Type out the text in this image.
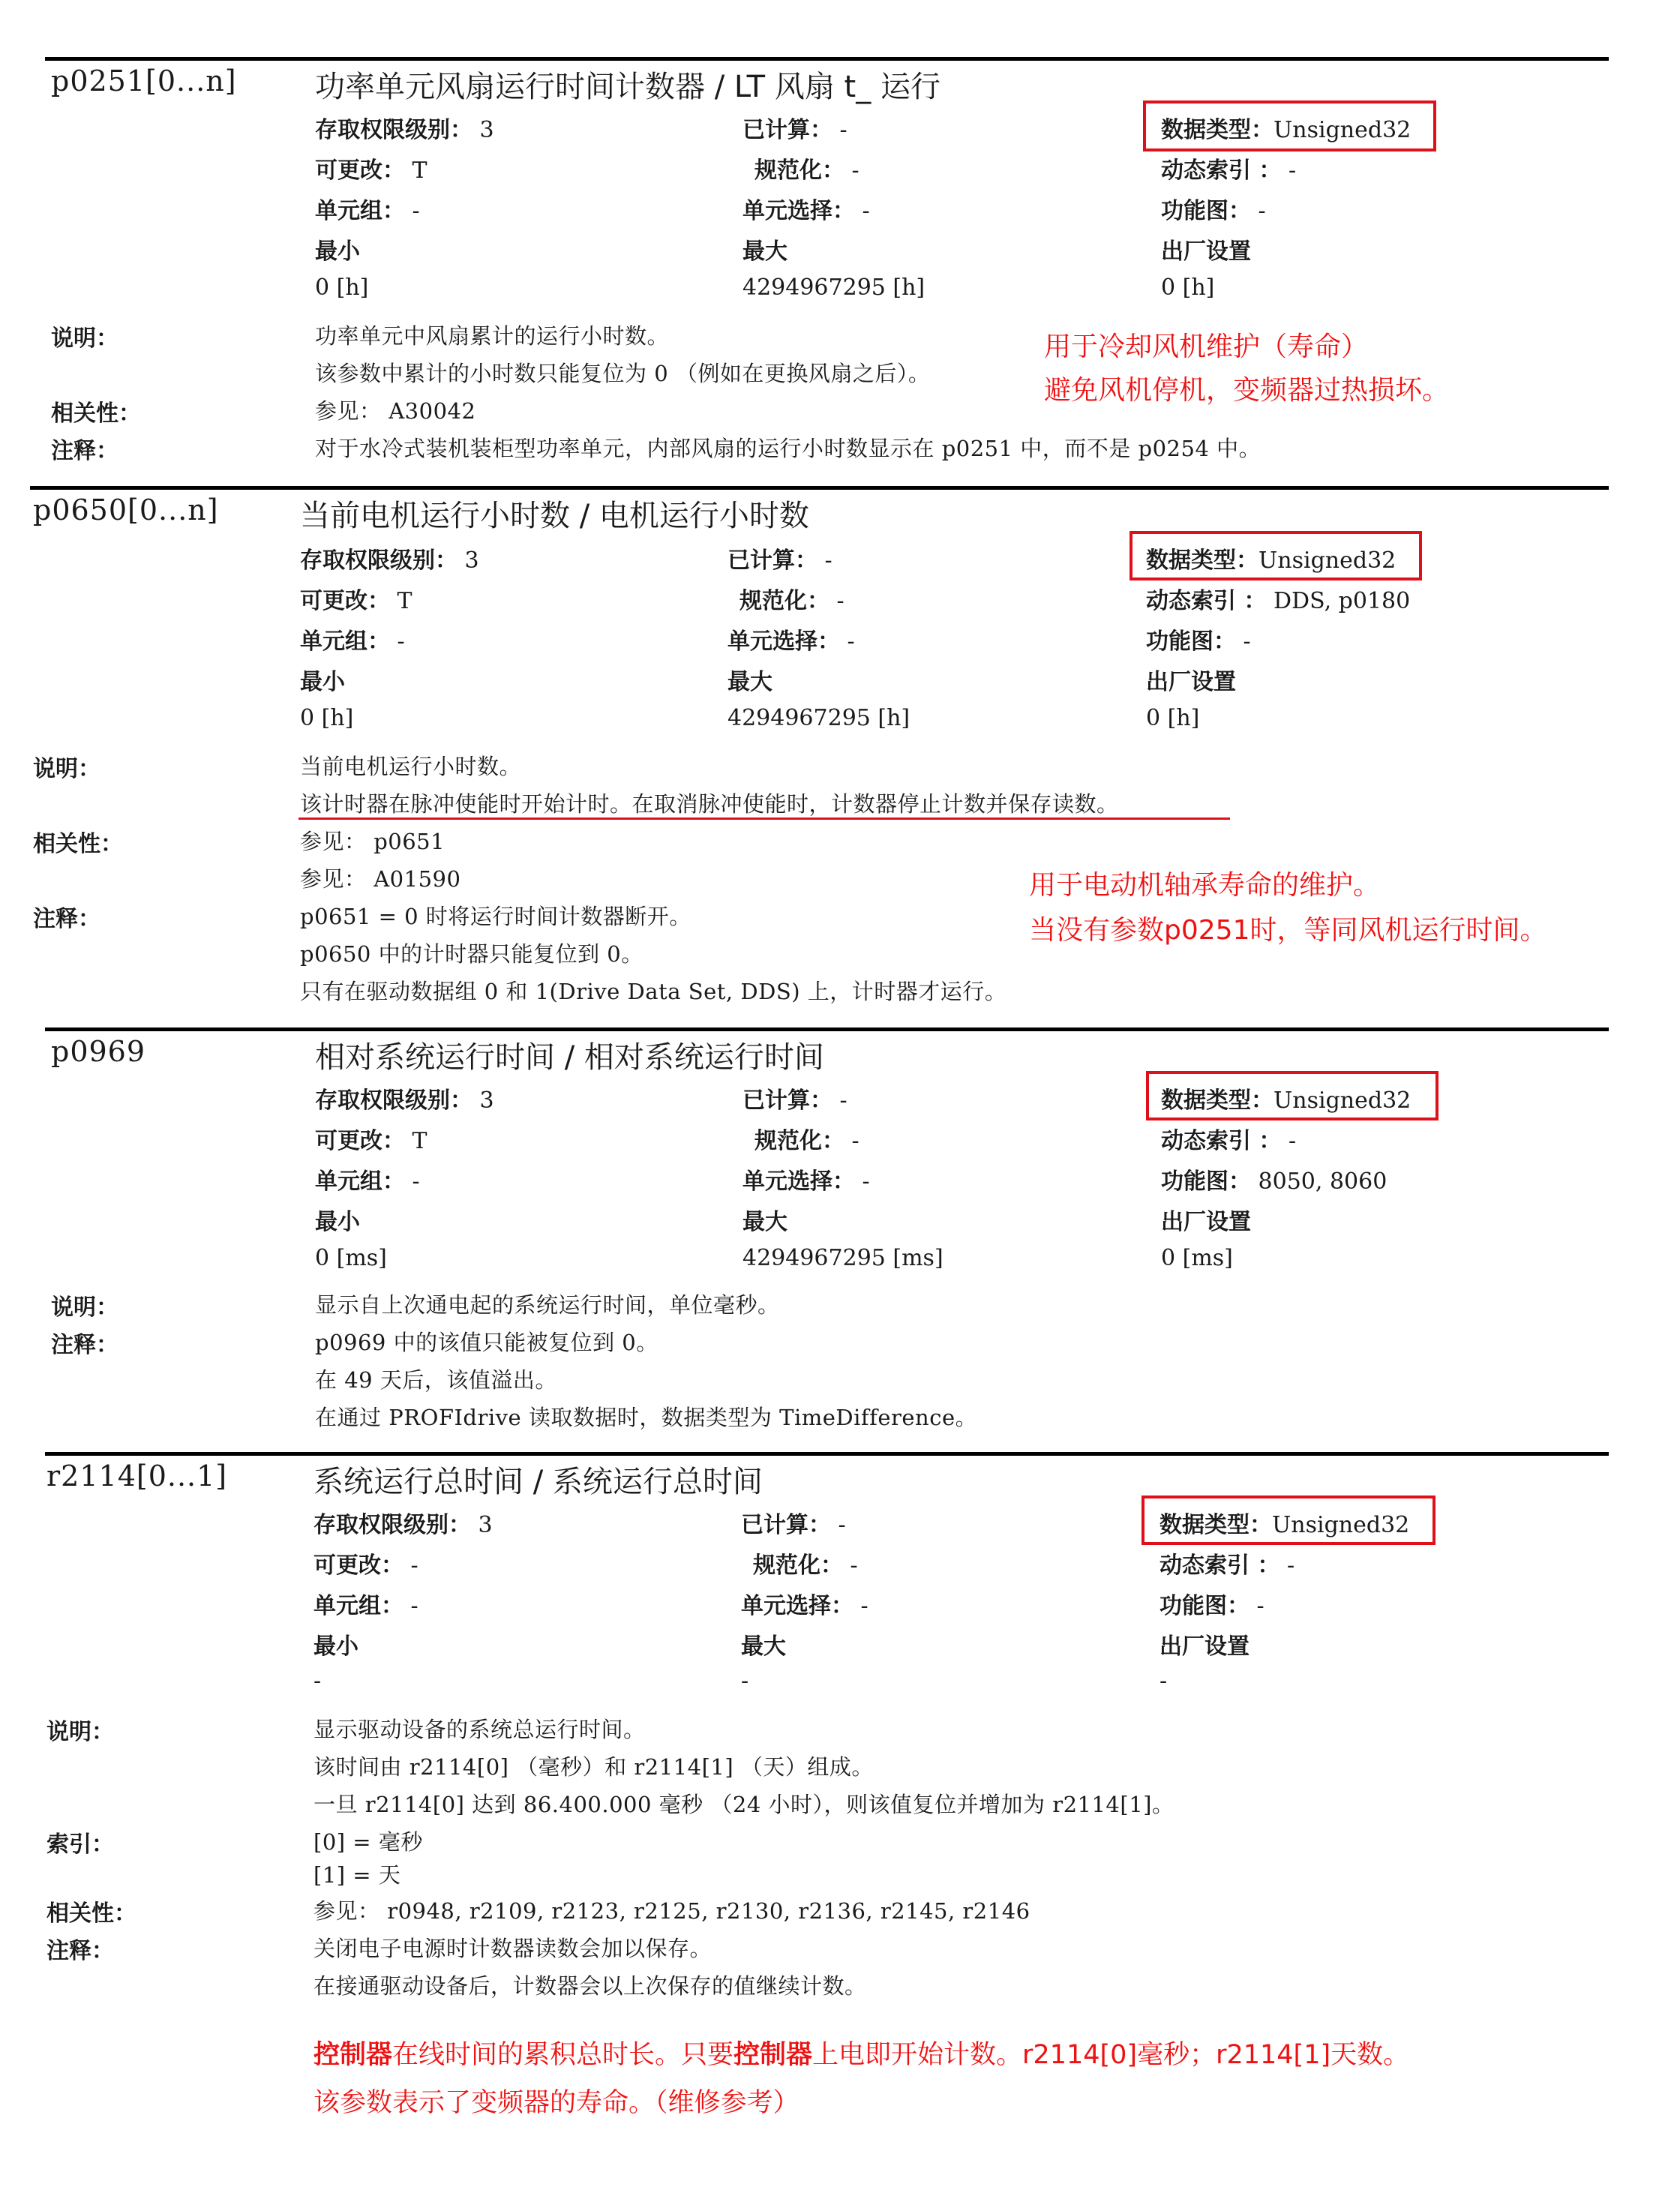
p0251[0...n]	功率单元风扇运行时间计数器 / LT 风扇 t_ 运行
存取权限级别： 3	已计算： -	数据类型：Unsigned32
可更改： T	规范化： -	动态索引 ： -
单元组： -	单元选择： -	功能图： -
最小	最大	出厂设置
0 [h]	4294967295 [h]	0 [h]
说明：	功率单元中风扇累计的运行小时数。
该参数中累计的小时数只能复位为 0 （例如在更换风扇之后）。
相关性：	参见： A30042
注释：	对于水冷式装机装柜型功率单元，内部风扇的运行小时数显示在 p0251 中，而不是 p0254 中。
用于冷却风机维护（寿命）
避免风机停机，变频器过热损坏。
p0650[0...n]	当前电机运行小时数 / 电机运行小时数
存取权限级别： 3	已计算： -	数据类型：Unsigned32
可更改： T	规范化： -	动态索引 ： DDS, p0180
单元组： -	单元选择： -	功能图： -
最小	最大	出厂设置
0 [h]	4294967295 [h]	0 [h]
说明：	当前电机运行小时数。
该计时器在脉冲使能时开始计时。在取消脉冲使能时，计数器停止计数并保存读数。
相关性：	参见： p0651
参见： A01590
注释：	p0651 = 0 时将运行时间计数器断开。
p0650 中的计时器只能复位到 0。
只有在驱动数据组 0 和 1(Drive Data Set, DDS) 上，计时器才运行。
用于电动机轴承寿命的维护。
当没有参数p0251时，等同风机运行时间。
p0969	相对系统运行时间 / 相对系统运行时间
存取权限级别： 3	已计算： -	数据类型：Unsigned32
可更改： T	规范化： -	动态索引 ： -
单元组： -	单元选择： -	功能图： 8050, 8060
最小	最大	出厂设置
0 [ms]	4294967295 [ms]	0 [ms]
说明：	显示自上次通电起的系统运行时间，单位毫秒。
注释：	p0969 中的该值只能被复位到 0。
在 49 天后，该值溢出。
在通过 PROFIdrive 读取数据时，数据类型为 TimeDifference。
r2114[0...1]	系统运行总时间 / 系统运行总时间
存取权限级别： 3	已计算： -	数据类型：Unsigned32
可更改： -	规范化： -	动态索引 ： -
单元组： -	单元选择： -	功能图： -
最小	最大	出厂设置
-	-	-
说明：	显示驱动设备的系统总运行时间。
该时间由 r2114[0] （毫秒）和 r2114[1] （天）组成。
一旦 r2114[0] 达到 86.400.000 毫秒 （24 小时），则该值复位并增加为 r2114[1]。
索引：	[0] = 毫秒
[1] = 天
相关性：	参见： r0948, r2109, r2123, r2125, r2130, r2136, r2145, r2146
注释：	关闭电子电源时计数器读数会加以保存。
在接通驱动设备后，计数器会以上次保存的值继续计数。
控制器在线时间的累积总时长。只要控制器上电即开始计数。r2114[0]毫秒；r2114[1]天数。
该参数表示了变频器的寿命。（维修参考）
